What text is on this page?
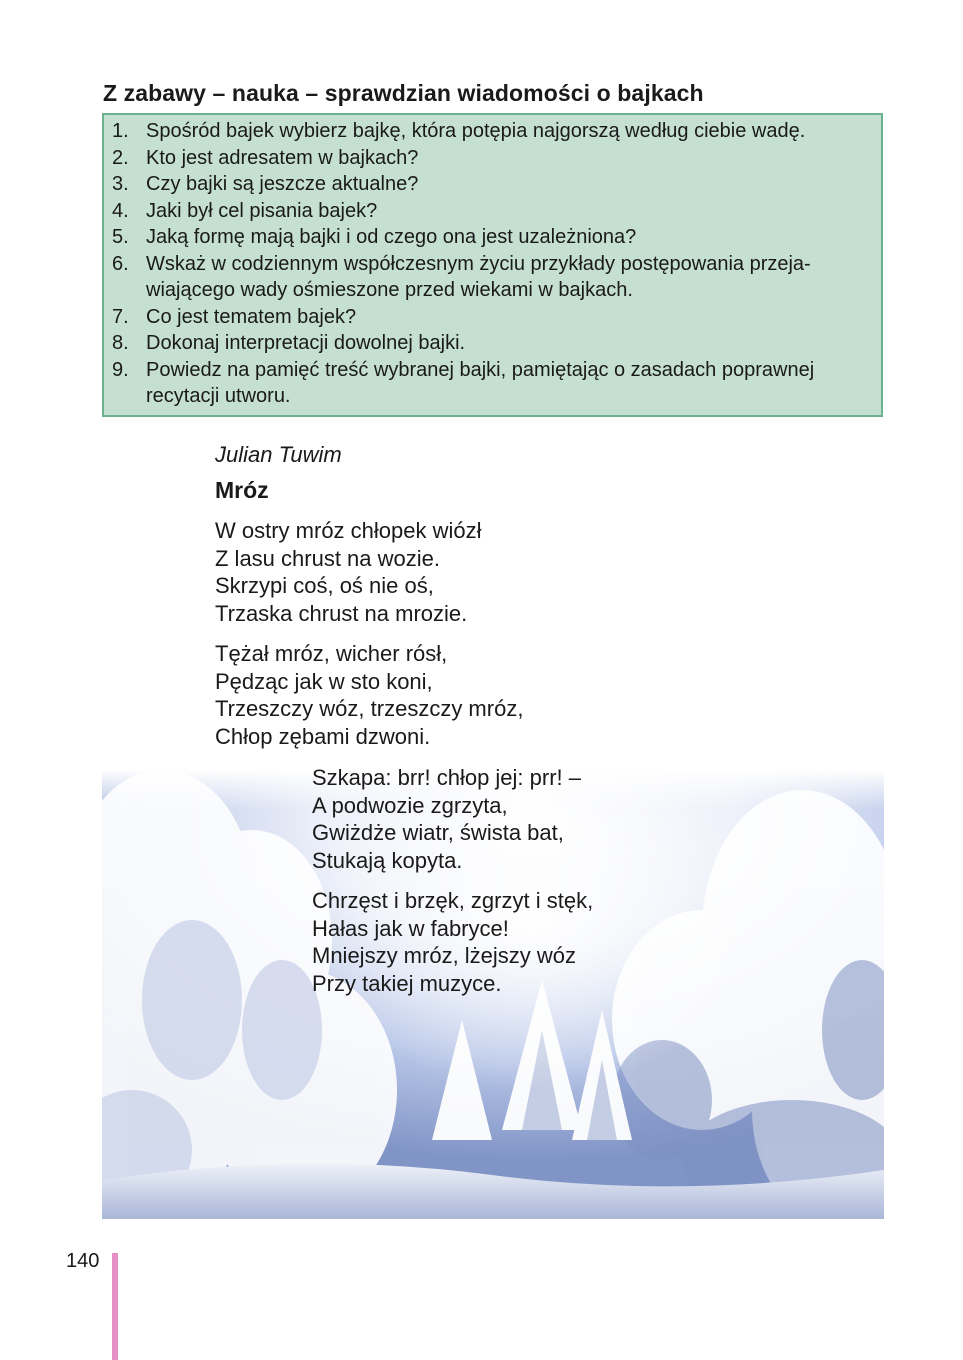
Z zabawy – nauka – sprawdzian wiadomości o bajkach
1. Spośród bajek wybierz bajkę, która potępia najgorszą według ciebie wadę.
2. Kto jest adresatem w bajkach?
3. Czy bajki są jeszcze aktualne?
4. Jaki był cel pisania bajek?
5. Jaką formę mają bajki i od czego ona jest uzależniona?
6. Wskaż w codziennym współczesnym życiu przykłady postępowania przeja-
wiającego wady ośmieszone przed wiekami w bajkach.
7. Co jest tematem bajek?
8. Dokonaj interpretacji dowolnej bajki.
9. Powiedz na pamięć treść wybranej bajki, pamiętając o zasadach poprawnej
recytacji utworu.
Julian Tuwim
Mróz
W ostry mróz chłopek wiózł
Z lasu chrust na wozie.
Skrzypi coś, oś nie oś,
Trzaska chrust na mrozie.
Tężał mróz, wicher rósł,
Pędząc jak w sto koni,
Trzeszczy wóz, trzeszczy mróz,
Chłop zębami dzwoni.
Szkapa: brr! chłop jej: prr! –
A podwozie zgrzyta,
Gwiżdże wiatr, śwista bat,
Stukają kopyta.
Chrzęst i brzęk, zgrzyt i stęk,
Hałas jak w fabryce!
Mniejszy mróz, lżejszy wóz
Przy takiej muzyce.
140
